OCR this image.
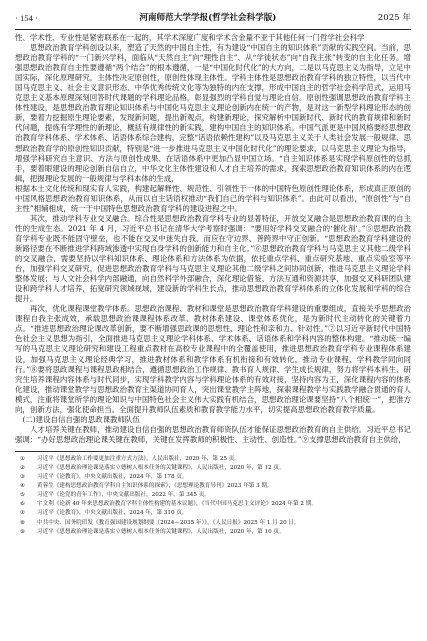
· 154 ·	河南师范大学学报(哲学社会科学版)	2025 年

性、学术性、专业性是紧密联系在一起的，其学术深度广度和学术含金量不亚于其他任何一门哲学社会科学

思想政治教育学科创设以来，塑造了天然的中国自主性，有为建设“中国自主的知识体系”贡献的实践空间。当前，思想政治教育学科的“一门新兴学科，面临从“天然自主”向“理性自主”、从“学徒状态”向“自我主张”转变的自主化任务。增强思想政治教育自主性要遵循“两个结合”的根本遵循，一是“中国化时代化”的大方向，二是以马克思主义为指导，立足中国实际，深化原理研究，主体性决定原创性，原创性体现主体性。学科主体性是思想政治教育学科的独立特性，以当代中国马克思主义、社会主义意识形态、中华优秀传统文化等为独特的内在支撑，形成中国自主的哲学社会科学范式，运用马克思主义基本原理深刻回答时代课题的学科理论品格，彰显强烈的学科自觉与理论自信。原创性强调思想政治教育学科主体性建设，是思想政治教育理论知识体系与中国化马克思主义理论创新内在统一的产物，是对这一新型学科理论形态的创新，要着力挖掘原生理论要素，发现新问题，提出新观点，构建新理论，探究解析中国新时代、新时代的教育规律和新时代问题，提炼有学理性的新理论，概括有规律性的新实践，建构中国自主的知识体系。中国气派更是中国风格要经思想政治教育学科体系、学术体系、话语体系综合建构，完整“话语依赖性建构”以及马克思主义关于人类社会发展一般规律、思想政治教育学的原创性知识贡献，特别是“进一步推进马克思主义中国化时代化”的理论要求，以马克思主义理论为指导，增强学科研究自主意识、方法与原创性成果、在话语体系中更加凸显中国立场。“自主知识体系是实现学科原创性的总抓手，要着眼建设的理论创新自信自立，中华文化主体性建设和人才自主培养的需求，探索思想政治教育知识体系的内在逻辑，把握理论发展的一般规律与学科本体的生成，

根据本土文化传统和现实育人实践，构建起解释性、规范性、引领性于一体的中国特色原创性理论体系，形成真正原创的中国风格思想政治教育知识体系，从而以自主话语权推动“我们自己的学科与知识体系”。由此可以看出，“原创性”与“自主性”相辅相成，统一于中国特色思想政治教育学科的建设进程之中。

其次，推动学科专业交叉融合。综合性是思想政治教育学科专业的显著特征，开放交叉融合是思想政治教育课的自主性的生成生态。2021 年 4 月，习近平总书记在清华大学考察时强调：“要用好学科交叉融合的‘催化剂’。”⑤思想政治教育学科专业既不能固守壁垒，也不能在交叉中迷失自我，而应在守边界、善跨界中守正创新。“思想政治教育学科建设的新路径要在不断推进学科跨域渗透中实现自身学科的创新能力和自主化。”⑥思想政治教育学科与马克思主义其他二级学科的交叉融合，需要坚持以学科知识体系、理论体系和方法体系为依据，依托重点学科、重点研究基地、重点实验室等平台，加强学科交叉研究，促进思想政治教育学科与马克思主义理论其他二级学科之间协同创新，推进马克思主义理论学科整体发展；与人文社会科学内部融通，向自然科学外部融合，深化理论借鉴、方法互通和资源共享，加强交叉科研团队建设和跨学科人才培养，拓宽研究领域视域，建设新的学科生长点，推动思想政治教育学科体系的立体化发展和学科的综合提升。

再次，优化课程课堂教学体系。思想政治课程、教材和课堂是思想政治教育学科建设的重要组成，直接关乎思想政治课程自我主张成效，承载思想政治课课程体系改革、教材体系建设、课堂体系优化，是为新时代主动转化的关键着力点。“推进思想政治理论课改革创新，要不断增强思政课的思想性、理论性和亲和力、针对性。”⑦以习近平新时代中国特色社会主义思想为指引，全面推进马克思主义理论学科体系、学术体系、话语体系和学科内容的整体构建。“推动统一编写的马克思主义理论研究和建设工程重点教材在高校专业课程中的全覆盖使用，推进思想政治教育学科专业课程体系建设，加强马克思主义理论经典学习，推进教材体系和教学体系有机衔接和有效转化，推动专业课程、学科教学同向同行。”⑧要将思政课程与课程思政相结合，遵循思想政治工作规律、教书育人规律、学生成长规律，努力将学科本科生、研究生培养课程内容体系与时代同步，实现学科教学内容与学科理论体系的有效对接，坚持内容为王，深化课程内容的体系化建设，推动课堂教学与思想政治教育主渠道协同育人，突出课堂教学主阵地，探索课程教学与实践教学融合贯通的育人模式，注重将课堂所学的理论知识与中国特色社会主义伟大实践有机结合，思想政治理论课要坚持“八个相统一”，把准方向，创新方法，强化使命担当。全面提升教师队伍素质和教育教学能力水平，切实提高思想政治教育教学质量。

(二)建设自信自强的思政课教师队伍

人才培养关键在教师，推动建设自信自强的思想政治教育师资队伍才能保证思想政治教育的自主供给。习近平总书记强调：“办好思想政治理论课关键在教师，关键在发挥教师的积极性、主动性、创造性。”⑨支撑思想政治教育自主供给，

①	习近平《思想政治工作要更加注重方式方法》，人民出版社，2020 年，第 25 页。
②	习近平《思想政治理论课是落实立德树人根本任务的关键课程》，人民出版社，2020 年，第 12 页。
③	习近平《论教育》，中央文献出版社，2024 年，第 178 页。
④	黄蓉生《建构思想政治教育学科自主知识体系的探索》，《思想理论教育导刊》2023 年第 3 期。
⑤	习近平《论党的青年工作》，中央文献出版社，2022 年，第 345 页。
⑥	宇文利《论新 40 年来思想政治教育学科主体性构建的基本议题》，《当代中国马克思主义评论》2024 年第 2 期。
⑦	习近平《论教育》，中央文献出版社，2024 年，第 310 页。
⑧	中共中央、国务院印发《教育强国建设规划纲要（2024—2035 年）》，《人民日报》2025 年 1 月 20 日。
⑨	习近平《思想政治理论课是落实立德树人根本任务的关键课程》，人民出版社，2020 年，第 10 页。
